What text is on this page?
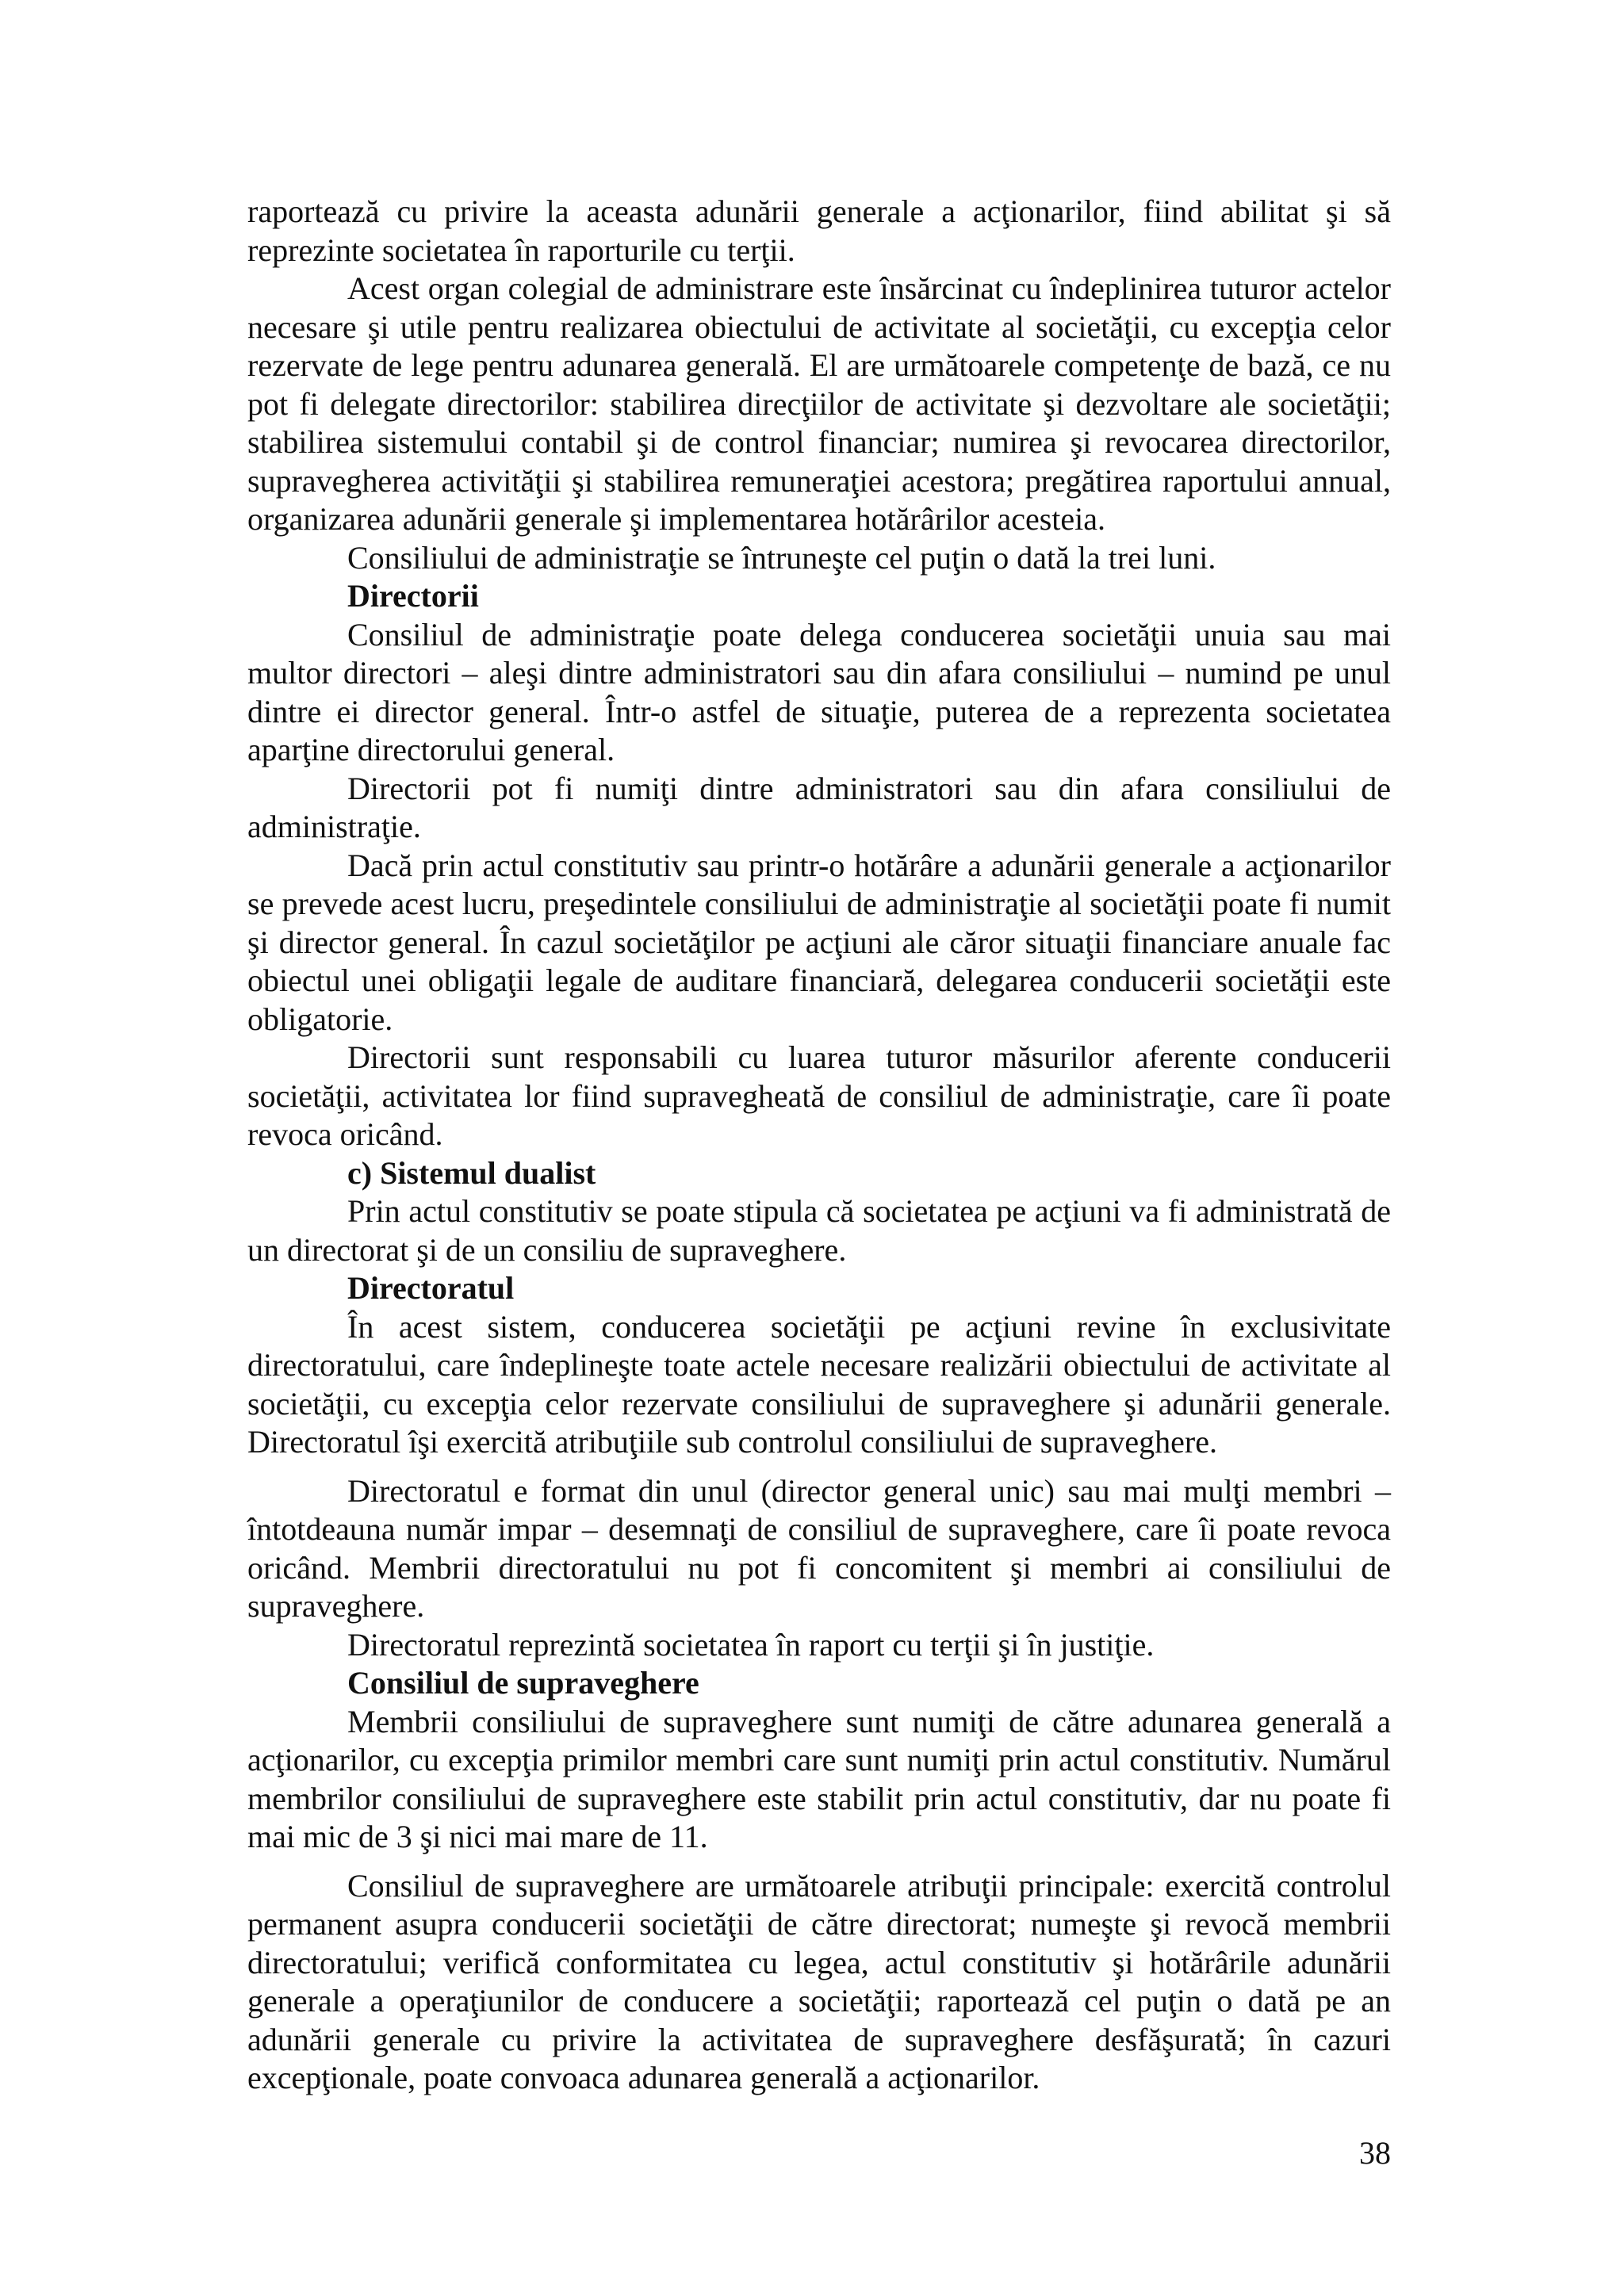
raportează cu privire la aceasta adunării generale a acţionarilor, fiind abilitat şi să reprezinte societatea în raporturile cu terţii.

Acest organ colegial de administrare este însărcinat cu îndeplinirea tuturor actelor necesare şi utile pentru realizarea obiectului de activitate al societăţii, cu excepţia celor rezervate de lege pentru adunarea generală. El are următoarele competenţe de bază, ce nu pot fi delegate directorilor: stabilirea direcţiilor de activitate şi dezvoltare ale societăţii; stabilirea sistemului contabil şi de control financiar; numirea şi revocarea directorilor, supravegherea activităţii şi stabilirea remuneraţiei acestora; pregătirea raportului annual, organizarea adunării generale şi implementarea hotărârilor acesteia.

Consiliului de administraţie se întruneşte cel puţin o dată la trei luni.

Directorii

Consiliul de administraţie poate delega conducerea societăţii unuia sau mai multor directori – aleşi dintre administratori sau din afara consiliului – numind pe unul dintre ei director general. Într-o astfel de situaţie, puterea de a reprezenta societatea aparţine directorului general.

Directorii pot fi numiţi dintre administratori sau din afara consiliului de administraţie.

Dacă prin actul constitutiv sau printr-o hotărâre a adunării generale a acţionarilor se prevede acest lucru, preşedintele consiliului de administraţie al societăţii poate fi numit şi director general. În cazul societăţilor pe acţiuni ale căror situaţii financiare anuale fac obiectul unei obligaţii legale de auditare financiară, delegarea conducerii societăţii este obligatorie.

Directorii sunt responsabili cu luarea tuturor măsurilor aferente conducerii societăţii, activitatea lor fiind supravegheată de consiliul de administraţie, care îi poate revoca oricând.

c) Sistemul dualist

Prin actul constitutiv se poate stipula că societatea pe acţiuni va fi administrată de un directorat şi de un consiliu de supraveghere.

Directoratul

În acest sistem, conducerea societăţii pe acţiuni revine în exclusivitate directoratului, care îndeplineşte toate actele necesare realizării obiectului de activitate al societăţii, cu excepţia celor rezervate consiliului de supraveghere şi adunării generale. Directoratul îşi exercită atribuţiile sub controlul consiliului de supraveghere.

Directoratul e format din unul (director general unic) sau mai mulţi membri – întotdeauna număr impar – desemnaţi de consiliul de supraveghere, care îi poate revoca oricând. Membrii directoratului nu pot fi concomitent şi membri ai consiliului de supraveghere.

Directoratul reprezintă societatea în raport cu terţii şi în justiţie.

Consiliul de supraveghere

Membrii consiliului de supraveghere sunt numiţi de către adunarea generală a acţionarilor, cu excepţia primilor membri care sunt numiţi prin actul constitutiv. Numărul membrilor consiliului de supraveghere este stabilit prin actul constitutiv, dar nu poate fi mai mic de 3 şi nici mai mare de 11.

Consiliul de supraveghere are următoarele atribuţii principale: exercită controlul permanent asupra conducerii societăţii de către directorat; numeşte şi revocă membrii directoratului; verifică conformitatea cu legea, actul constitutiv şi hotărârile adunării generale a operaţiunilor de conducere a societăţii; raportează cel puţin o dată pe an adunării generale cu privire la activitatea de supraveghere desfăşurată; în cazuri excepţionale, poate convoaca adunarea generală a acţionarilor.

38
